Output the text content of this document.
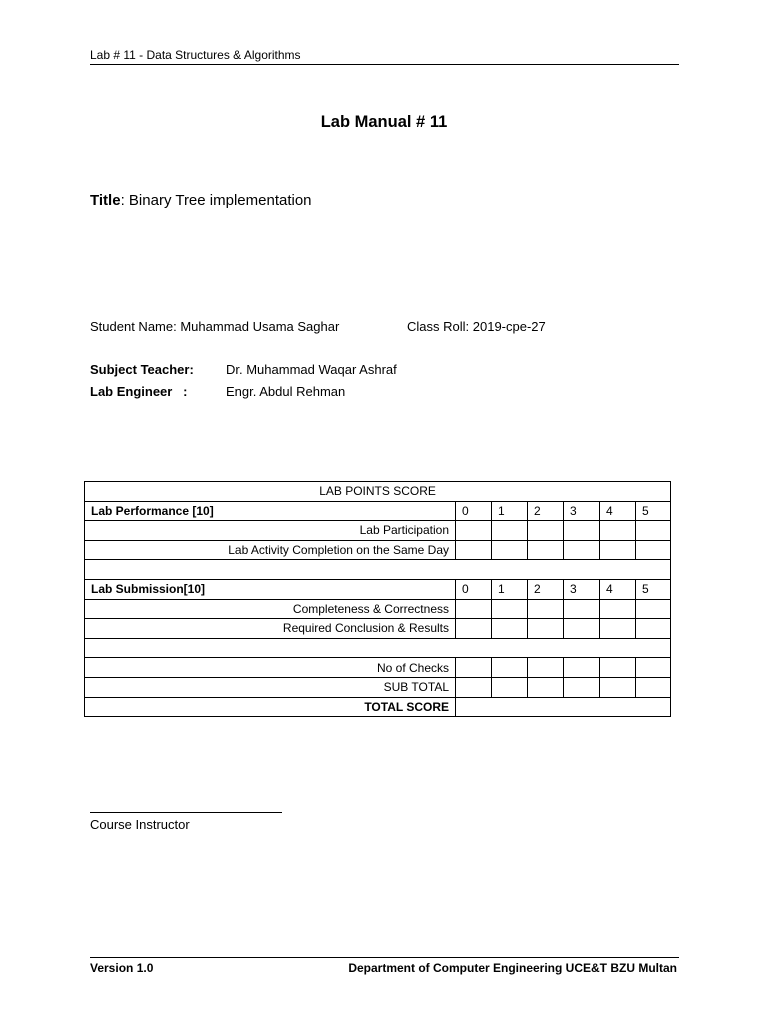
Lab # 11 - Data Structures & Algorithms
Lab Manual # 11
Title: Binary Tree implementation
Student Name: Muhammad Usama Saghar	Class Roll: 2019-cpe-27
Subject Teacher: Dr. Muhammad Waqar Ashraf
Lab Engineer   :	Engr. Abdul Rehman
LAB POINTS SCORE						
Lab Performance [10]	0	1	2	3	4	5
Lab Participation						
Lab Activity Completion on the Same Day						

Lab Submission[10]	0	1	2	3	4	5
Completeness & Correctness						
Required Conclusion & Results						

No of Checks						
SUB TOTAL						
TOTAL SCORE						
Course Instructor
Version 1.0	Department of Computer Engineering UCE&T BZU Multan
